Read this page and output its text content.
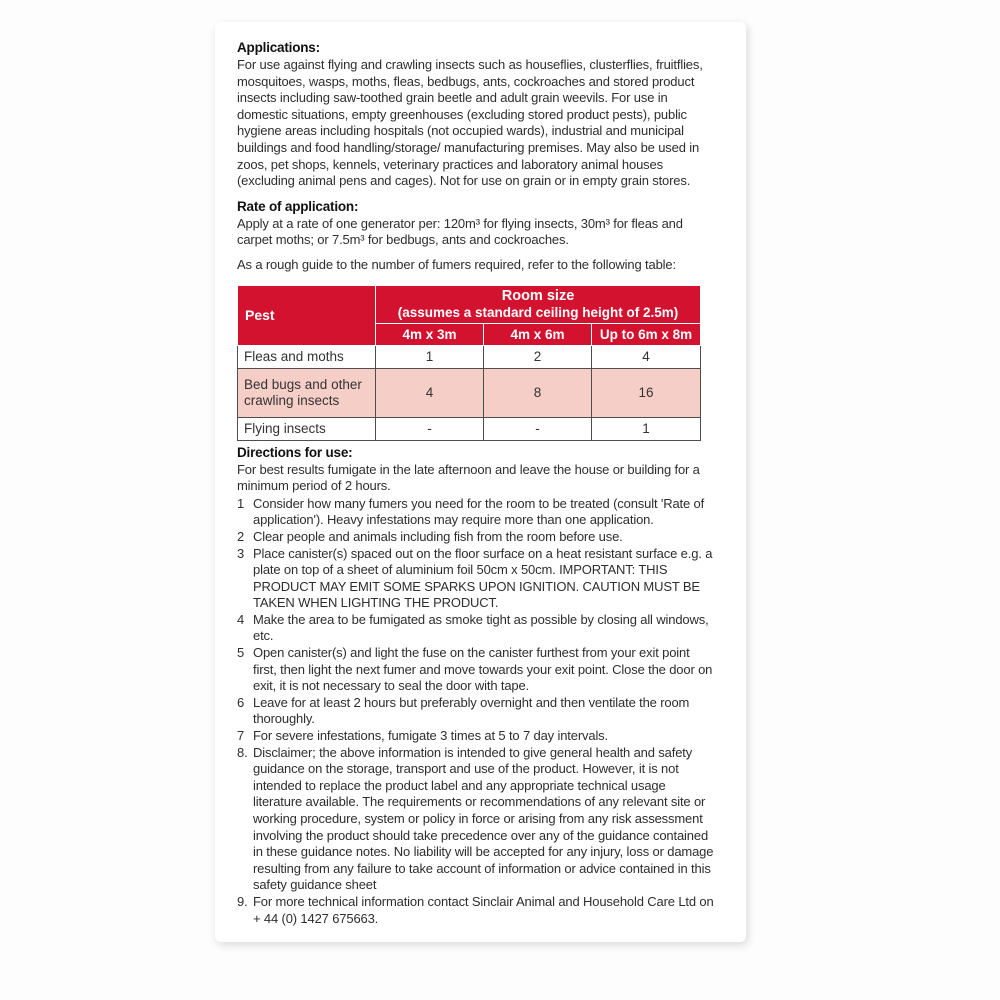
Applications:

For use against flying and crawling insects such as houseflies, clusterflies, fruitflies, mosquitoes, wasps, moths, fleas, bedbugs, ants, cockroaches and stored product insects including saw-toothed grain beetle and adult grain weevils. For use in domestic situations, empty greenhouses (excluding stored product pests), public hygiene areas including hospitals (not occupied wards), industrial and municipal buildings and food handling/storage/ manufacturing premises. May also be used in zoos, pet shops, kennels, veterinary practices and laboratory animal houses (excluding animal pens and cages). Not for use on grain or in empty grain stores.

Rate of application:

Apply at a rate of one generator per: 120m³ for flying insects, 30m³ for fleas and carpet moths; or 7.5m³ for bedbugs, ants and cockroaches.

As a rough guide to the number of fumers required, refer to the following table:

Pest	Room size
(assumes a standard ceiling height of 2.5m)		

	4m x 3m	4m x 6m	Up to 6m x 8m
Fleas and moths	1	2	4
Bed bugs and other crawling insects	4	8	16
Flying insects	-	-	1
Directions for use:

For best results fumigate in the late afternoon and leave the house or building for a minimum period of 2 hours.

1 Consider how many fumers you need for the room to be treated (consult 'Rate of application'). Heavy infestations may require more than one application.
2 Clear people and animals including fish from the room before use.
3 Place canister(s) spaced out on the floor surface on a heat resistant surface e.g. a plate on top of a sheet of aluminium foil 50cm x 50cm. IMPORTANT: THIS PRODUCT MAY EMIT SOME SPARKS UPON IGNITION. CAUTION MUST BE TAKEN WHEN LIGHTING THE PRODUCT.
4 Make the area to be fumigated as smoke tight as possible by closing all windows, etc.
5 Open canister(s) and light the fuse on the canister furthest from your exit point first, then light the next fumer and move towards your exit point. Close the door on exit, it is not necessary to seal the door with tape.
6 Leave for at least 2 hours but preferably overnight and then ventilate the room thoroughly.
7 For severe infestations, fumigate 3 times at 5 to 7 day intervals.
8. Disclaimer; the above information is intended to give general health and safety guidance on the storage, transport and use of the product. However, it is not intended to replace the product label and any appropriate technical usage literature available. The requirements or recommendations of any relevant site or working procedure, system or policy in force or arising from any risk assessment involving the product should take precedence over any of the guidance contained in these guidance notes. No liability will be accepted for any injury, loss or damage resulting from any failure to take account of information or advice contained in this safety guidance sheet
9. For more technical information contact Sinclair Animal and Household Care Ltd on + 44 (0) 1427 675663.
